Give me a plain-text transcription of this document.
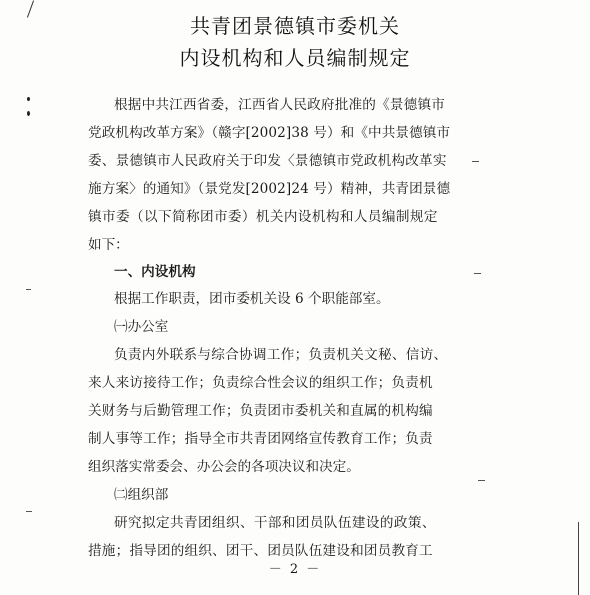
共青团景德镇市委机关
内设机构和人员编制规定
根据中共江西省委，江西省人民政府批准的《景德镇市
党政机构改革方案》（赣字[2002]38 号）和《中共景德镇市
委、景德镇市人民政府关于印发〈景德镇市党政机构改革实
施方案〉的通知》（景党发[2002]24 号）精神，共青团景德
镇市委（以下简称团市委）机关内设机构和人员编制规定
如下：
一、内设机构
根据工作职责，团市委机关设 6 个职能部室。
㈠办公室
负责内外联系与综合协调工作；负责机关文秘、信访、
来人来访接待工作；负责综合性会议的组织工作；负责机
关财务与后勤管理工作；负责团市委机关和直属的机构编
制人事等工作；指导全市共青团网络宣传教育工作；负责
组织落实常委会、办公会的各项决议和决定。
㈡组织部
研究拟定共青团组织、干部和团员队伍建设的政策、
措施；指导团的组织、团干、团员队伍建设和团员教育工
－ 2 －
